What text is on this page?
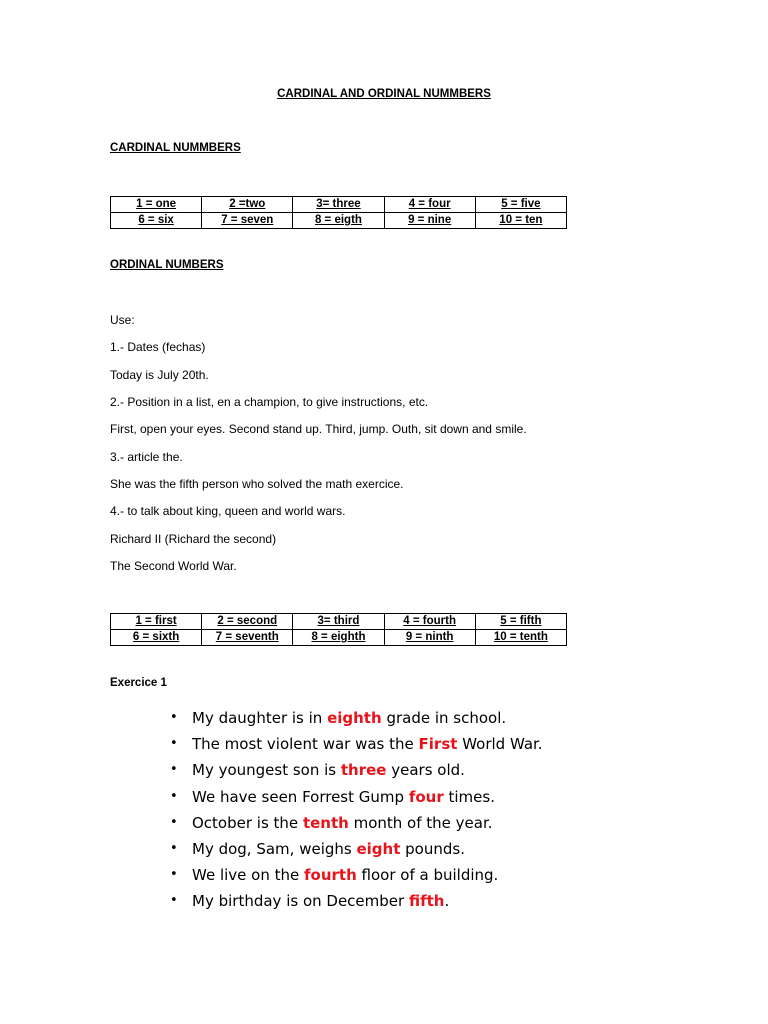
CARDINAL AND ORDINAL NUMMBERS
CARDINAL NUMMBERS
1 = one	2 =two	3= three	4 = four	5 = five
6 = six	7 = seven	8 = eigth	9 = nine	10 = ten
ORDINAL NUMBERS
Use:
1.- Dates (fechas)
Today is July 20th.
2.- Position in a list, en a champion, to give instructions, etc.
First, open your eyes. Second stand up. Third, jump. Outh, sit down and smile.
3.- article the.
She was the fifth person who solved the math exercice.
4.- to talk about king, queen and world wars.
Richard II (Richard the second)
The Second World War.
1 = first	2 = second	3= third	4 = fourth	5 = fifth
6 = sixth	7 = seventh	8 = eighth	9 = ninth	10 = tenth
Exercice 1
• My daughter is in eighth grade in school.
• The most violent war was the First World War.
• My youngest son is three years old.
• We have seen Forrest Gump four times.
• October is the tenth month of the year.
• My dog, Sam, weighs eight pounds.
• We live on the fourth floor of a building.
• My birthday is on December fifth.
